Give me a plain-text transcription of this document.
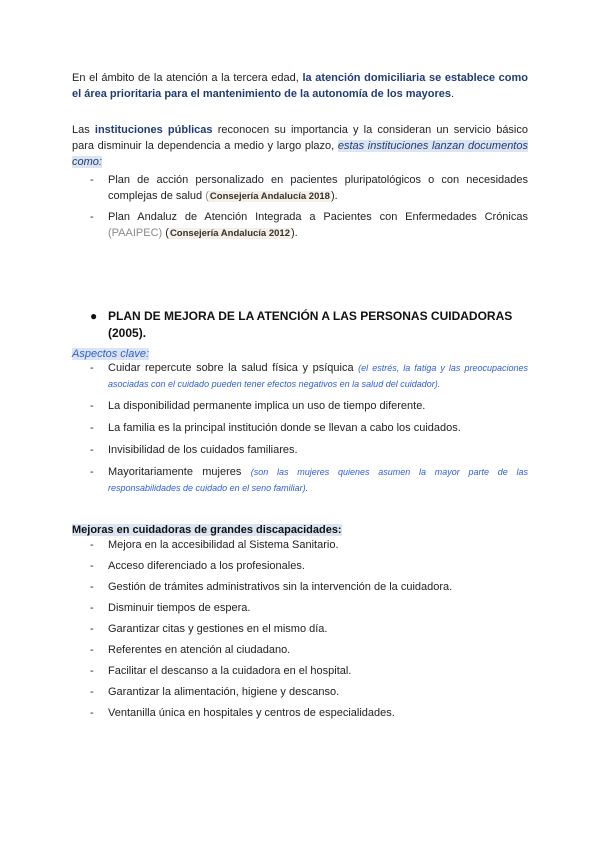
En el ámbito de la atención a la tercera edad, la atención domiciliaria se establece como el área prioritaria para el mantenimiento de la autonomía de los mayores.

Las instituciones públicas reconocen su importancia y la consideran un servicio básico para disminuir la dependencia a medio y largo plazo, estas instituciones lanzan documentos como:

- Plan de acción personalizado en pacientes pluripatológicos o con necesidades complejas de salud (Consejería Andalucía 2018).
- Plan Andaluz de Atención Integrada a Pacientes con Enfermedades Crónicas (PAAIPEC) (Consejería Andalucía 2012).
● PLAN DE MEJORA DE LA ATENCIÓN A LAS PERSONAS CUIDADORAS (2005).
Aspectos clave:
- Cuidar repercute sobre la salud física y psíquica (el estrés, la fatiga y las preocupaciones asociadas con el cuidado pueden tener efectos negativos en la salud del cuidador).
- La disponibilidad permanente implica un uso de tiempo diferente.
- La familia es la principal institución donde se llevan a cabo los cuidados.
- Invisibilidad de los cuidados familiares.
- Mayoritariamente mujeres (son las mujeres quienes asumen la mayor parte de las responsabilidades de cuidado en el seno familiar).
Mejoras en cuidadoras de grandes discapacidades:
- Mejora en la accesibilidad al Sistema Sanitario.
- Acceso diferenciado a los profesionales.
- Gestión de trámites administrativos sin la intervención de la cuidadora.
- Disminuir tiempos de espera.
- Garantizar citas y gestiones en el mismo día.
- Referentes en atención al ciudadano.
- Facilitar el descanso a la cuidadora en el hospital.
- Garantizar la alimentación, higiene y descanso.
- Ventanilla única en hospitales y centros de especialidades.
